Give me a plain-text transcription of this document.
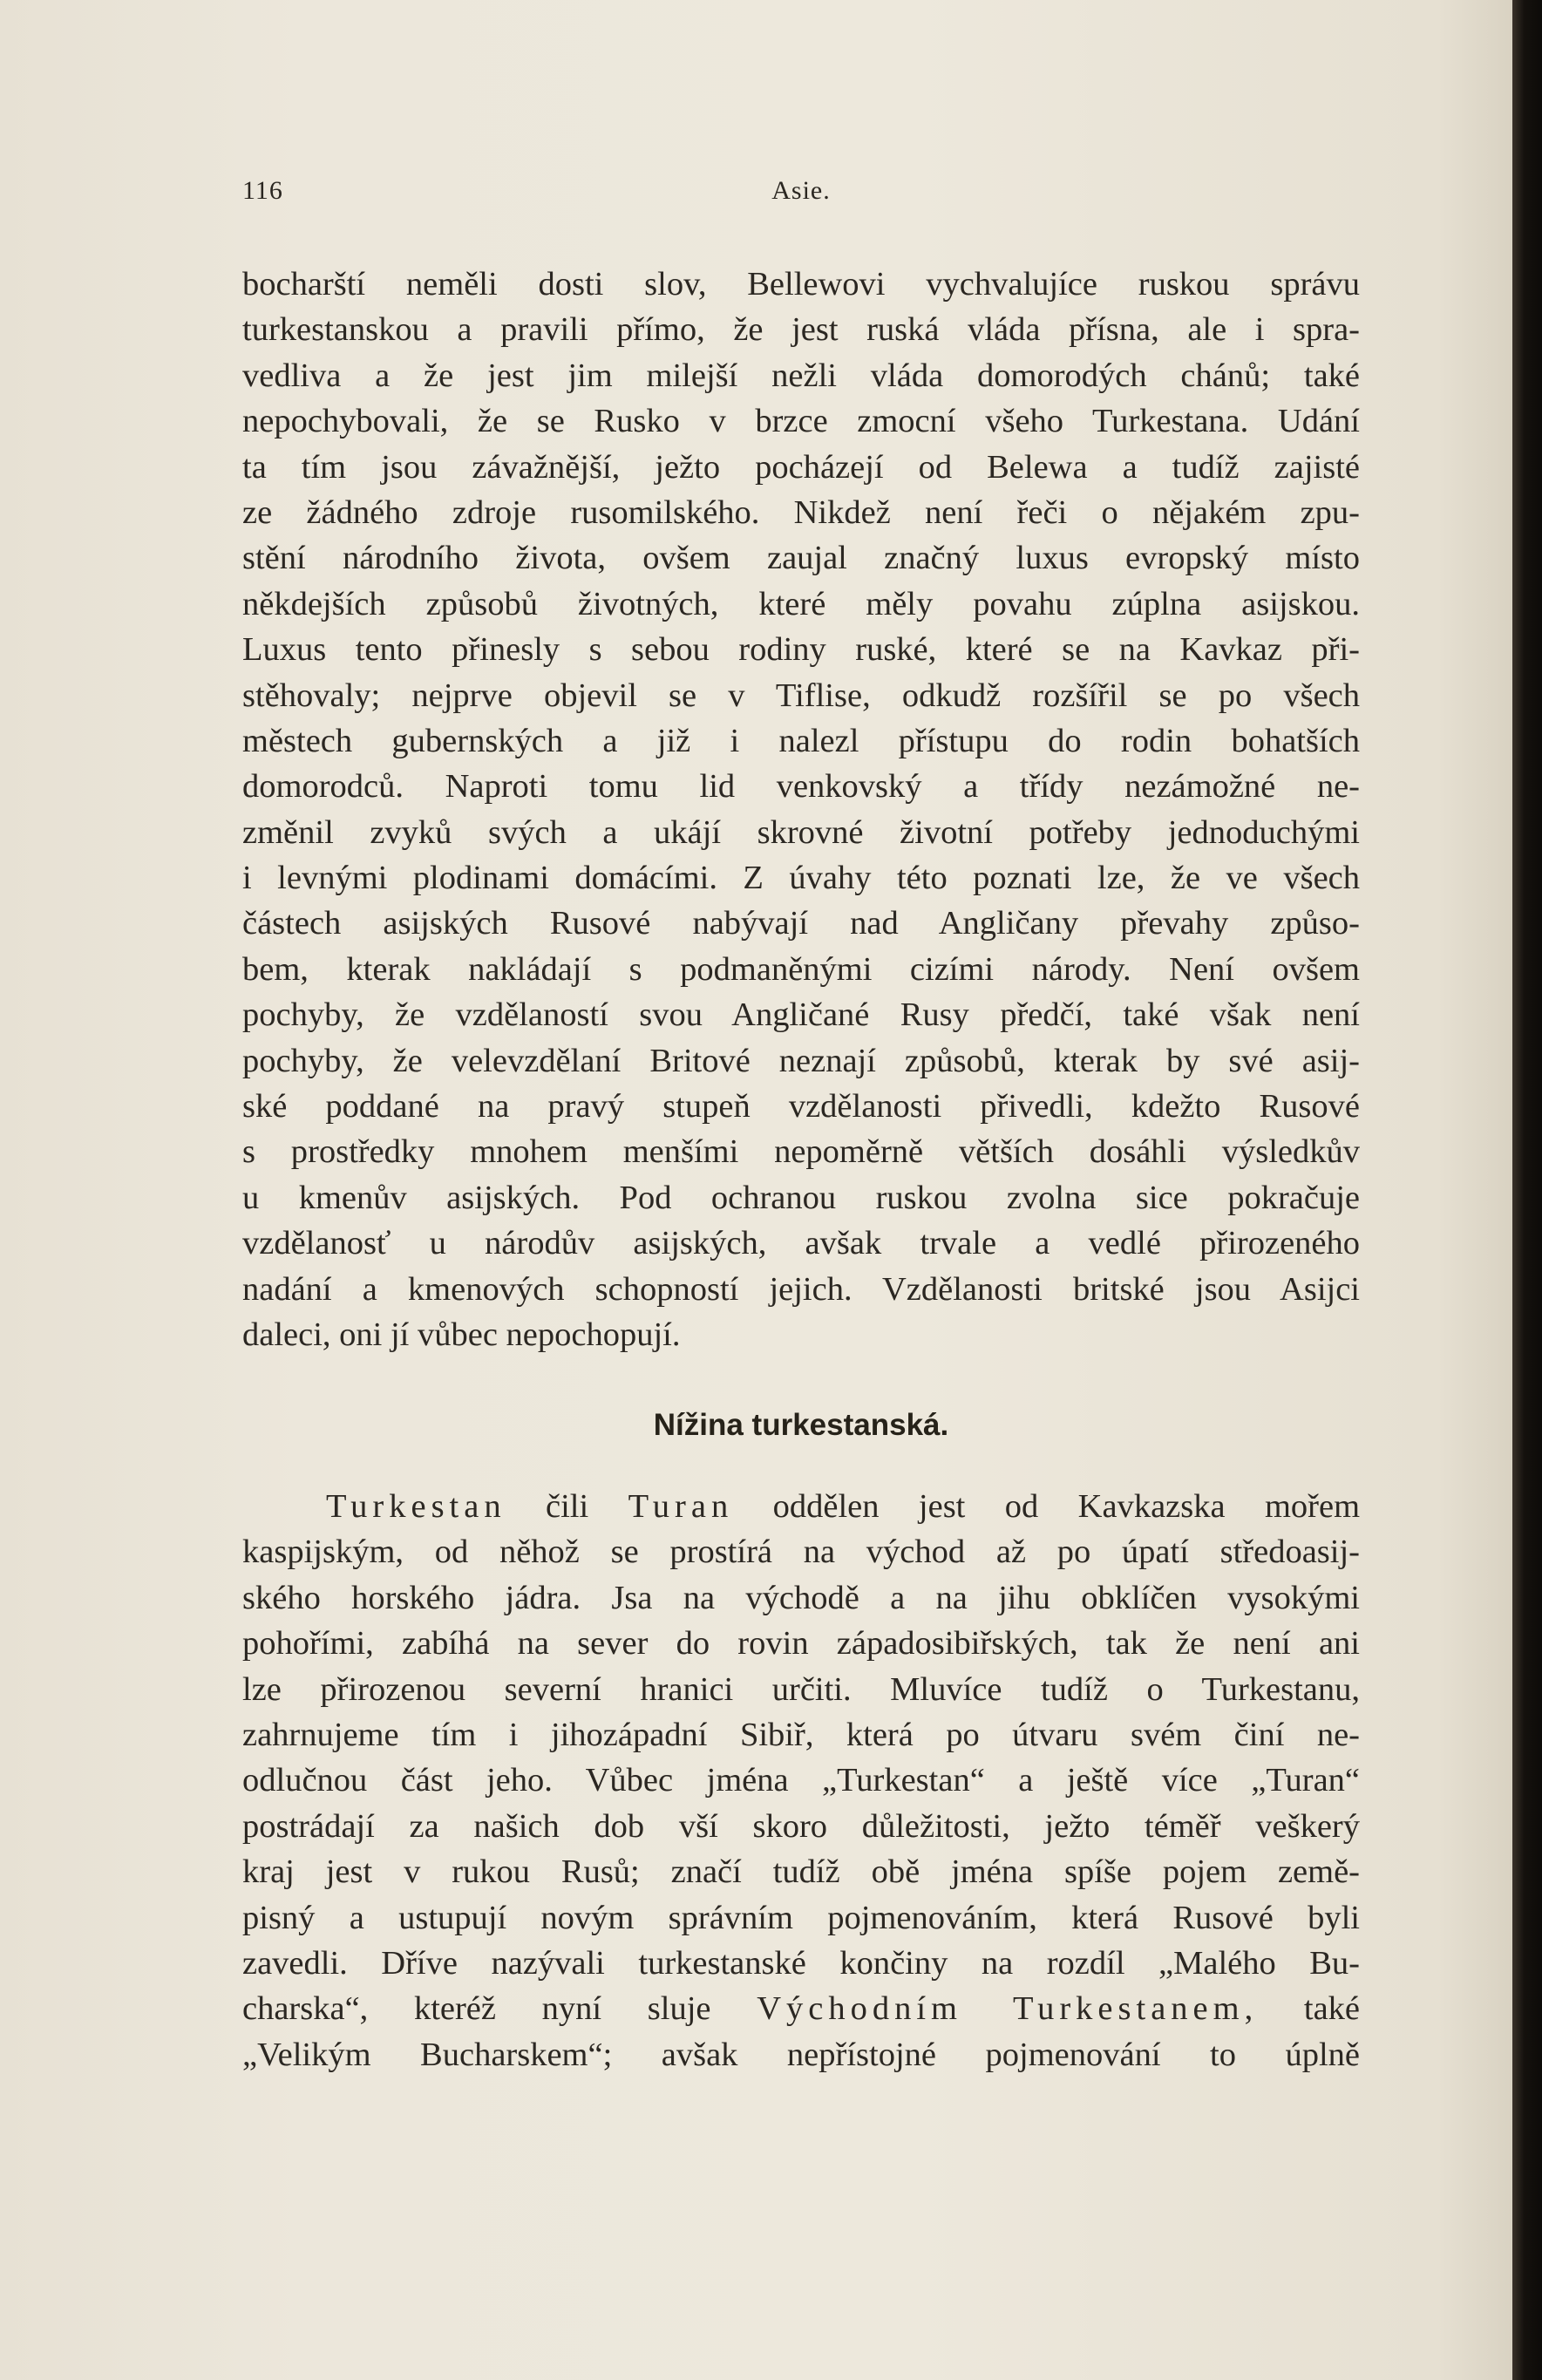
116	Asie.
bocharští neměli dosti slov, Bellewovi vychvalujíce ruskou správu
turkestanskou a pravili přímo, že jest ruská vláda přísna, ale i spra-
vedliva a že jest jim milejší nežli vláda domorodých chánů; také
nepochybovali, že se Rusko v brzce zmocní všeho Turkestana. Udání
ta tím jsou závažnější, ježto pocházejí od Belewa a tudíž zajisté
ze žádného zdroje rusomilského. Nikdež není řeči o nějakém zpu-
stění národního života, ovšem zaujal značný luxus evropský místo
někdejších způsobů životných, které měly povahu zúplna asijskou.
Luxus tento přinesly s sebou rodiny ruské, které se na Kavkaz při-
stěhovaly; nejprve objevil se v Tiflise, odkudž rozšířil se po všech
městech gubernských a již i nalezl přístupu do rodin bohatších
domorodců. Naproti tomu lid venkovský a třídy nezámožné ne-
změnil zvyků svých a ukájí skrovné životní potřeby jednoduchými
i levnými plodinami domácími. Z úvahy této poznati lze, že ve všech
částech asijských Rusové nabývají nad Angličany převahy způso-
bem, kterak nakládají s podmaněnými cizími národy. Není ovšem
pochyby, že vzdělaností svou Angličané Rusy předčí, také však není
pochyby, že velevzdělaní Britové neznají způsobů, kterak by své asij-
ské poddané na pravý stupeň vzdělanosti přivedli, kdežto Rusové
s prostředky mnohem menšími nepoměrně větších dosáhli výsledkův
u kmenův asijských. Pod ochranou ruskou zvolna sice pokračuje
vzdělanosť u národův asijských, avšak trvale a vedlé přirozeného
nadání a kmenových schopností jejich. Vzdělanosti britské jsou Asijci
daleci, oni jí vůbec nepochopují.
Nížina turkestanská.
Turkestan čili Turan oddělen jest od Kavkazska mořem
kaspijským, od něhož se prostírá na východ až po úpatí středoasij-
ského horského jádra. Jsa na východě a na jihu obklíčen vysokými
pohořími, zabíhá na sever do rovin západosibiřských, tak že není ani
lze přirozenou severní hranici určiti. Mluvíce tudíž o Turkestanu,
zahrnujeme tím i jihozápadní Sibiř, která po útvaru svém činí ne-
odlučnou část jeho. Vůbec jména „Turkestan“ a ještě více „Turan“
postrádají za našich dob vší skoro důležitosti, ježto téměř veškerý
kraj jest v rukou Rusů; značí tudíž obě jména spíše pojem země-
pisný a ustupují novým správním pojmenováním, která Rusové byli
zavedli. Dříve nazývali turkestanské končiny na rozdíl „Malého Bu-
charska“, kteréž nyní sluje Východním Turkestanem, také
„Velikým Bucharskem“; avšak nepřístojné pojmenování to úplně
